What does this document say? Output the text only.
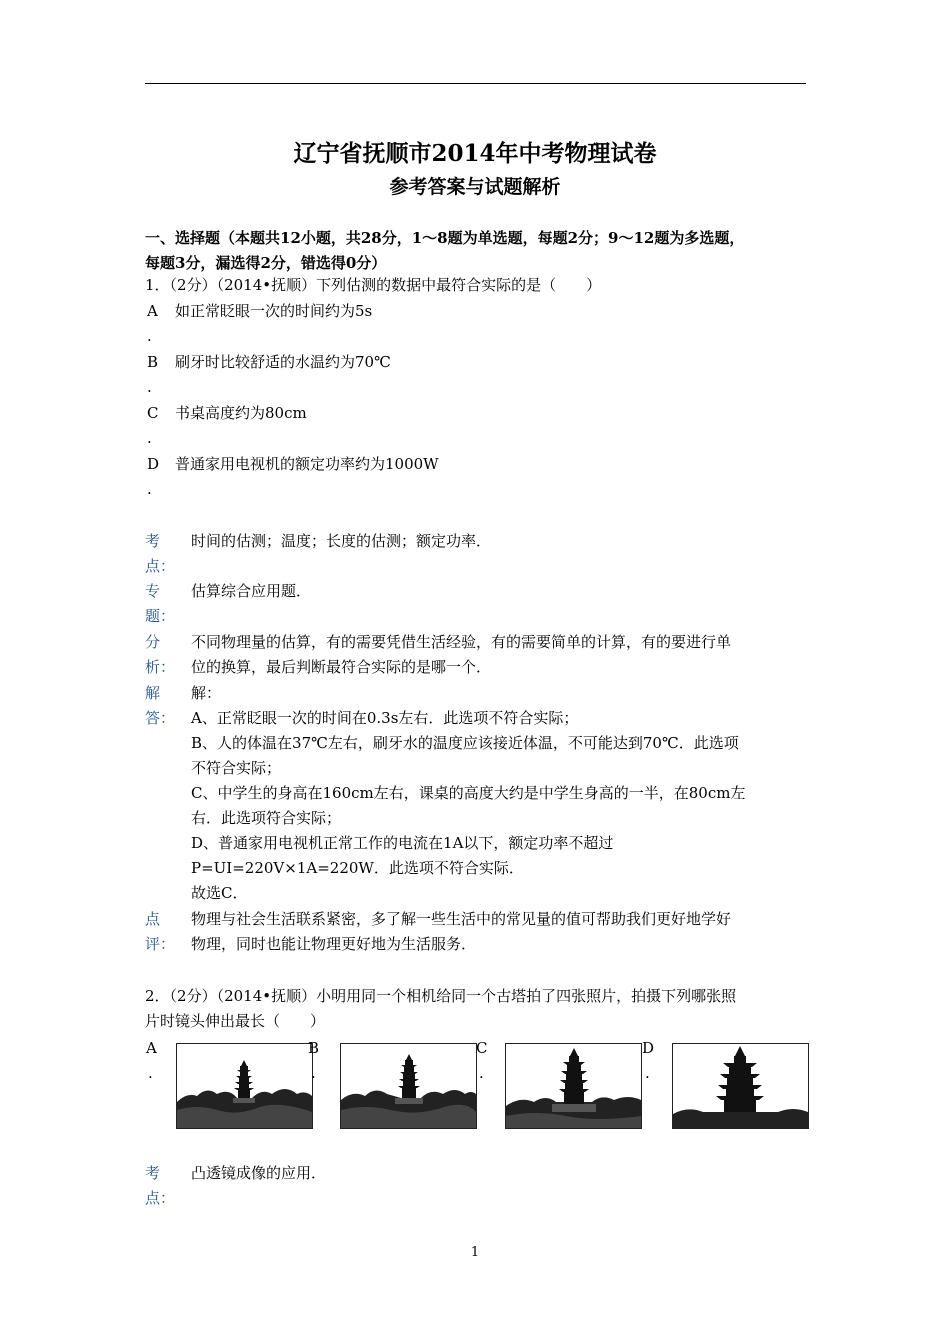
辽宁省抚顺市2014年中考物理试卷
参考答案与试题解析
一、选择题（本题共12小题，共28分，1～8题为单选题，每题2分；9～12题为多选题，
每题3分，漏选得2分，错选得0分）
1．（2分）（2014•抚顺）下列估测的数据中最符合实际的是（　　）
A	如正常眨眼一次的时间约为5s
.
B	刷牙时比较舒适的水温约为70℃
.
C	书桌高度约为80cm
.
D	普通家用电视机的额定功率约为1000W
.
考
点：
时间的估测；温度；长度的估测；额定功率．
专
题：
估算综合应用题．
分
析：
不同物理量的估算，有的需要凭借生活经验，有的需要简单的计算，有的要进行单
位的换算，最后判断最符合实际的是哪一个．
解
答：
解：
A、正常眨眼一次的时间在0.3s左右．此选项不符合实际；
B、人的体温在37℃左右，刷牙水的温度应该接近体温，不可能达到70℃．此选项
不符合实际；
C、中学生的身高在160cm左右，课桌的高度大约是中学生身高的一半，在80cm左
右．此选项符合实际；
D、普通家用电视机正常工作的电流在1A以下，额定功率不超过
P=UI=220V×1A=220W．此选项不符合实际．
故选C．
点
评：
物理与社会生活联系紧密，多了解一些生活中的常见量的值可帮助我们更好地学好
物理，同时也能让物理更好地为生活服务．
2．（2分）（2014•抚顺）小明用同一个相机给同一个古塔拍了四张照片，拍摄下列哪张照
片时镜头伸出最长（　　）
A
.
B
.
C
.
D
.
考
点：
凸透镜成像的应用．
1
